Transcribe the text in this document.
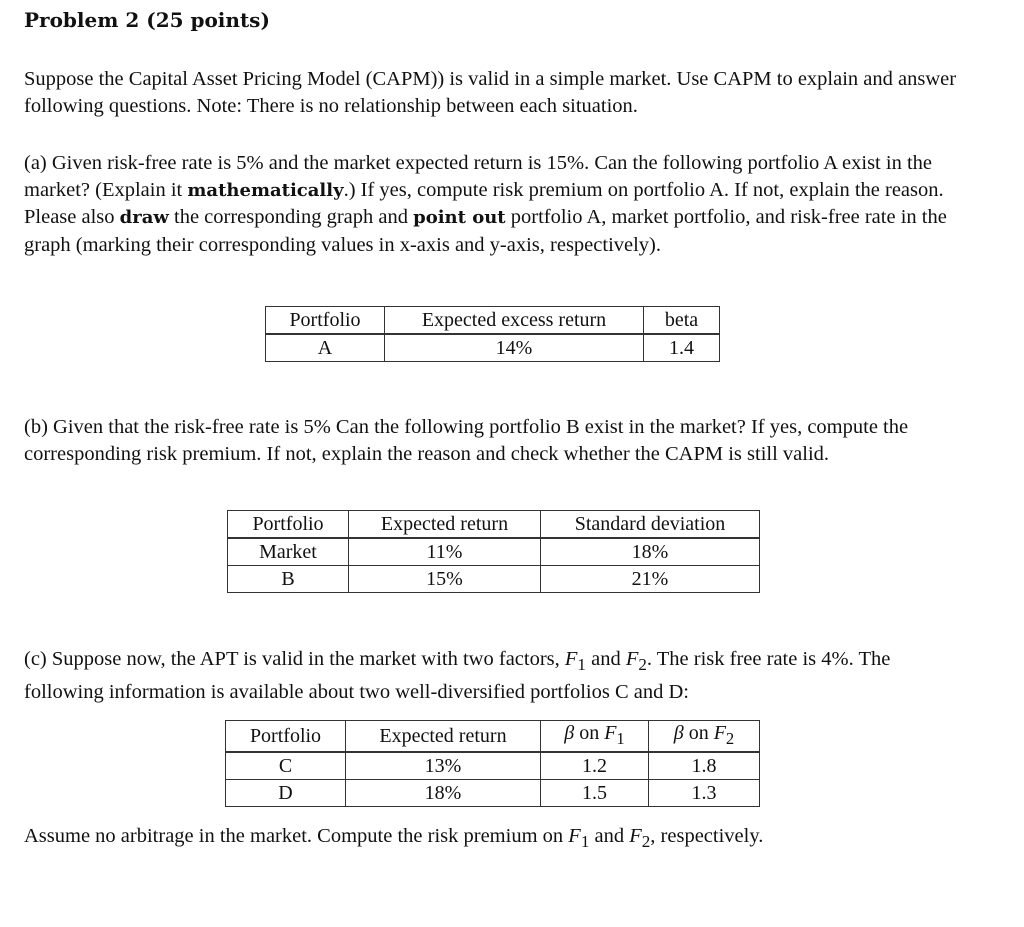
Problem 2 (25 points)
Suppose the Capital Asset Pricing Model (CAPM)) is valid in a simple market. Use CAPM to explain and answer following questions. Note: There is no relationship between each situation.
(a) Given risk-free rate is 5% and the market expected return is 15%. Can the following portfolio A exist in the market? (Explain it mathematically.) If yes, compute risk premium on portfolio A. If not, explain the reason. Please also draw the corresponding graph and point out portfolio A, market portfolio, and risk-free rate in the graph (marking their corresponding values in x-axis and y-axis, respectively).
Portfolio	Expected excess return	beta
A	14%	1.4
(b) Given that the risk-free rate is 5% Can the following portfolio B exist in the market? If yes, compute the corresponding risk premium. If not, explain the reason and check whether the CAPM is still valid.
Portfolio	Expected return	Standard deviation
Market	11%	18%
B	15%	21%
(c) Suppose now, the APT is valid in the market with two factors, $F_1$ and $F_2$. The risk free rate is 4%. The following information is available about two well-diversified portfolios C and D:
Portfolio	Expected return	β on $F_1$	β on $F_2$
C	13%	1.2	1.8
D	18%	1.5	1.3
Assume no arbitrage in the market. Compute the risk premium on $F_1$ and $F_2$, respectively.
